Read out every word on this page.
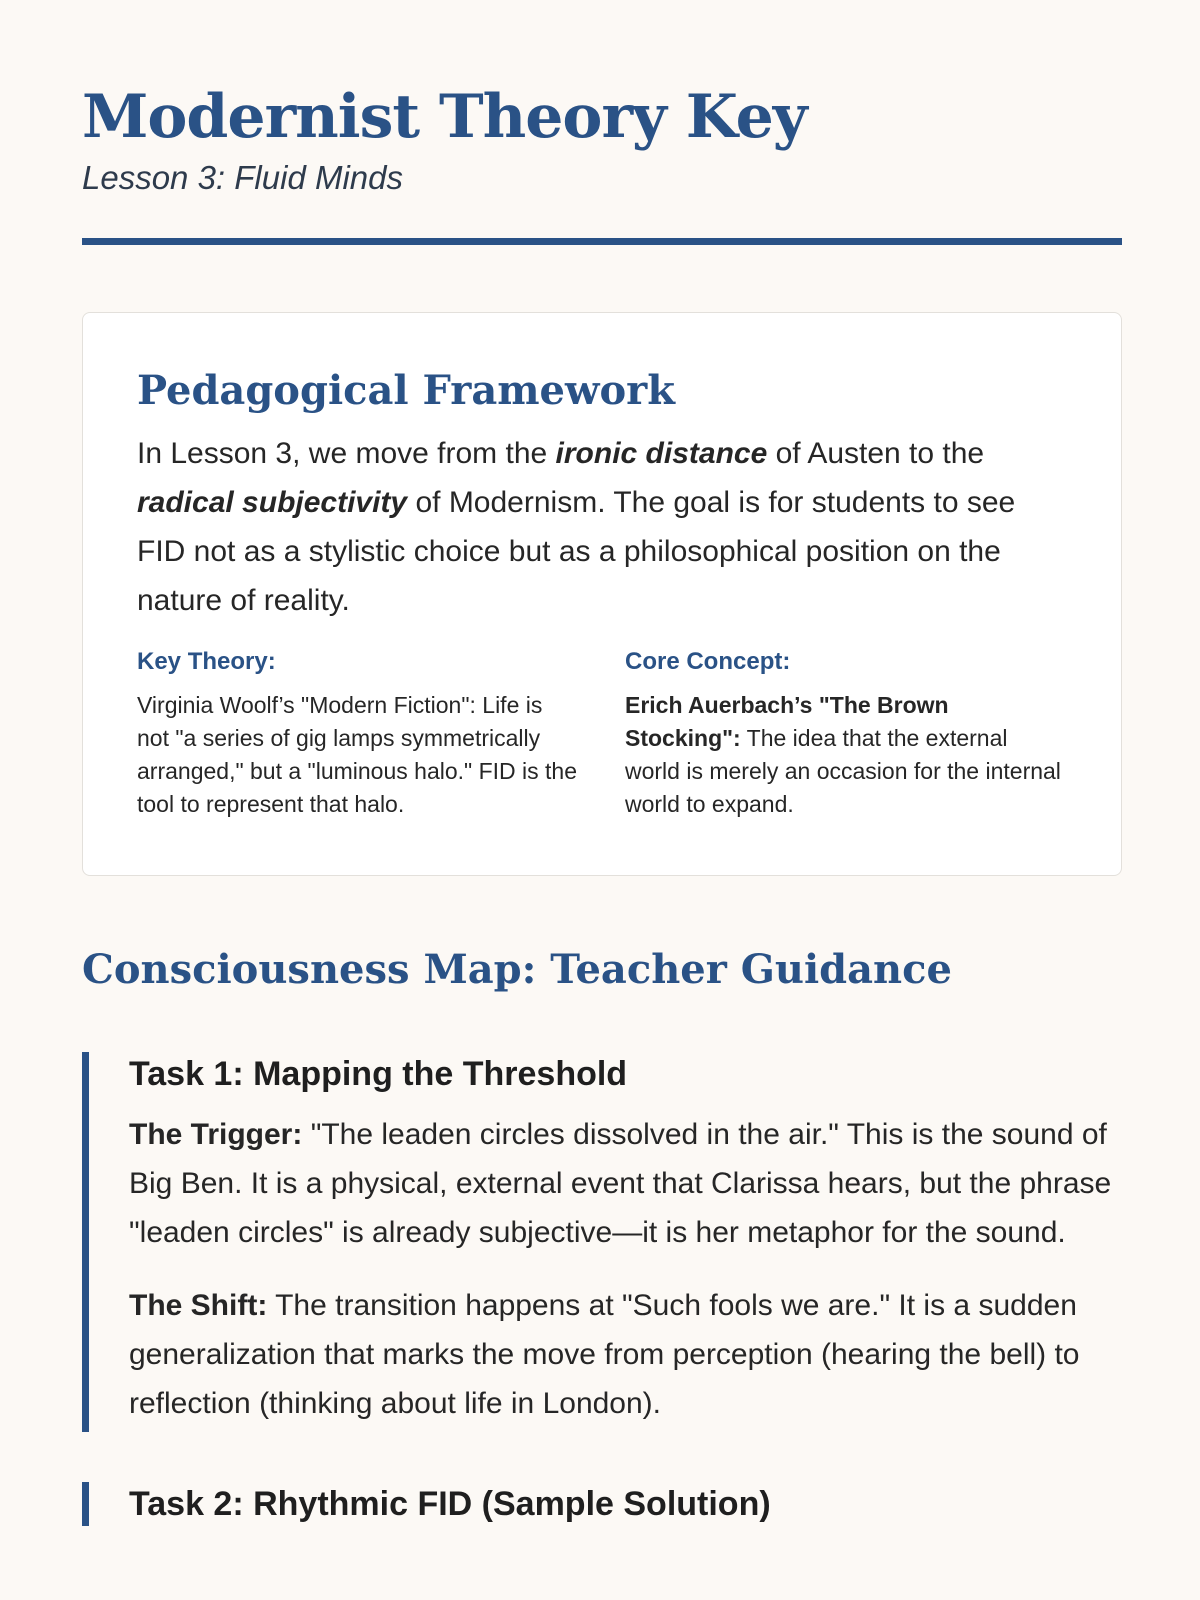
Modernist Theory Key

Lesson 3: Fluid Minds

Pedagogical Framework

In Lesson 3, we move from the ironic distance of Austen to the radical subjectivity of Modernism. The goal is for students to see FID not as a stylistic choice but as a philosophical position on the nature of reality.

Key Theory:
Virginia Woolf’s "Modern Fiction": Life is not "a series of gig lamps symmetrically arranged," but a "luminous halo." FID is the tool to represent that halo.
Core Concept:
Erich Auerbach’s "The Brown Stocking": The idea that the external world is merely an occasion for the internal world to expand.
Consciousness Map: Teacher Guidance
Task 1: Mapping the Threshold

The Trigger: "The leaden circles dissolved in the air." This is the sound of Big Ben. It is a physical, external event that Clarissa hears, but the phrase "leaden circles" is already subjective—it is her metaphor for the sound.

The Shift: The transition happens at "Such fools we are." It is a sudden generalization that marks the move from perception (hearing the bell) to reflection (thinking about life in London).

Task 2: Rhythmic FID (Sample Solution)
